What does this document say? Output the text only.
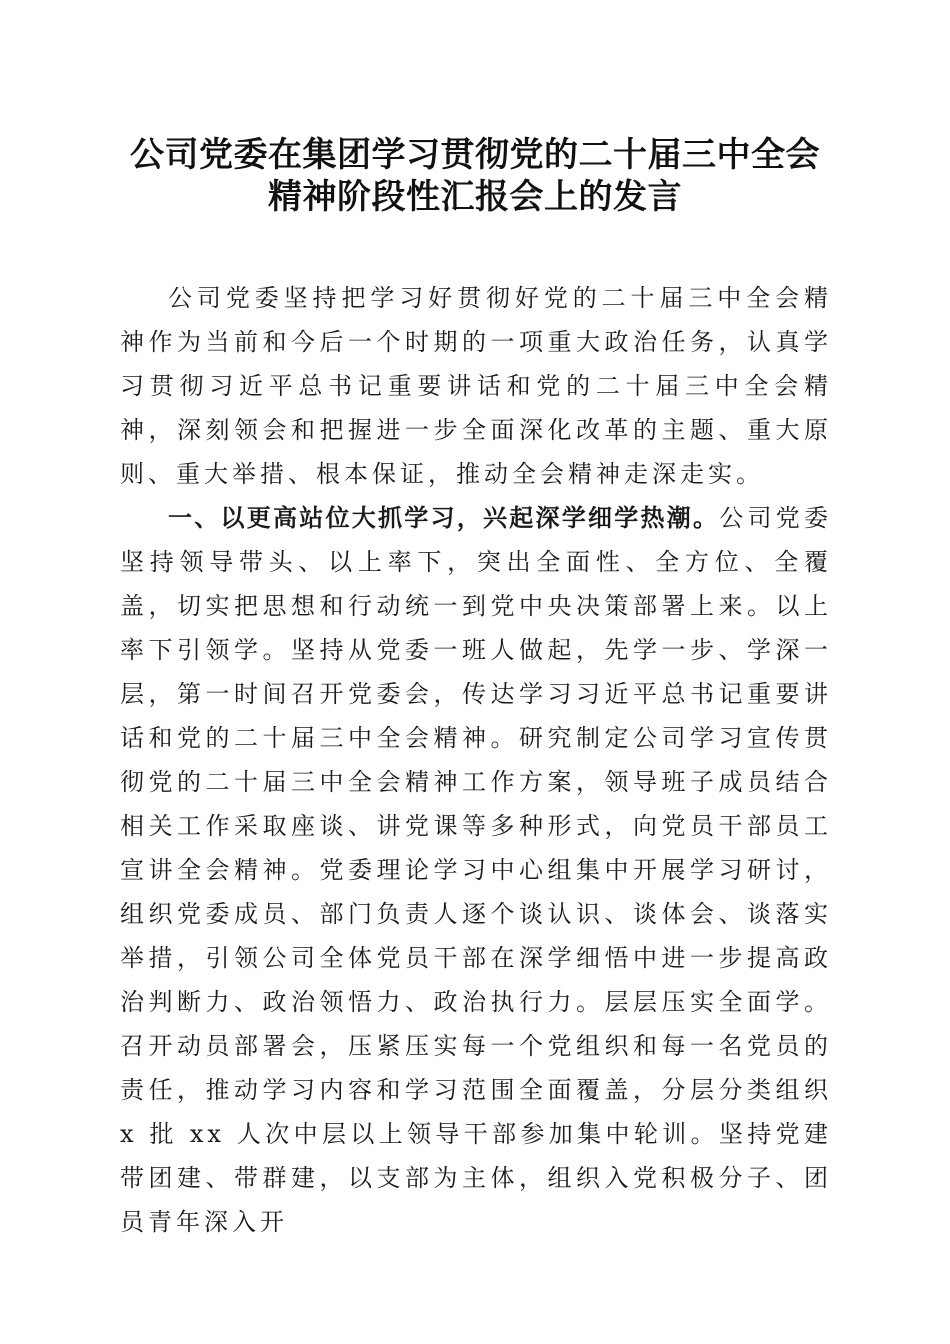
公司党委在集团学习贯彻党的二十届三中全会
精神阶段性汇报会上的发言

公司党委坚持把学习好贯彻好党的二十届三中全会精神作为当前和今后一个时期的一项重大政治任务，认真学习贯彻习近平总书记重要讲话和党的二十届三中全会精神，深刻领会和把握进一步全面深化改革的主题、重大原则、重大举措、根本保证，推动全会精神走深走实。

一、以更高站位大抓学习，兴起深学细学热潮。公司党委坚持领导带头、以上率下，突出全面性、全方位、全覆盖，切实把思想和行动统一到党中央决策部署上来。以上率下引领学。坚持从党委一班人做起，先学一步、学深一层，第一时间召开党委会，传达学习习近平总书记重要讲话和党的二十届三中全会精神。研究制定公司学习宣传贯彻党的二十届三中全会精神工作方案，领导班子成员结合相关工作采取座谈、讲党课等多种形式，向党员干部员工宣讲全会精神。党委理论学习中心组集中开展学习研讨，组织党委成员、部门负责人逐个谈认识、谈体会、谈落实举措，引领公司全体党员干部在深学细悟中进一步提高政治判断力、政治领悟力、政治执行力。层层压实全面学。召开动员部署会，压紧压实每一个党组织和每一名党员的责任，推动学习内容和学习范围全面覆盖，分层分类组织 x 批 xx 人次中层以上领导干部参加集中轮训。坚持党建带团建、带群建，以支部为主体，组织入党积极分子、团员青年深入开
